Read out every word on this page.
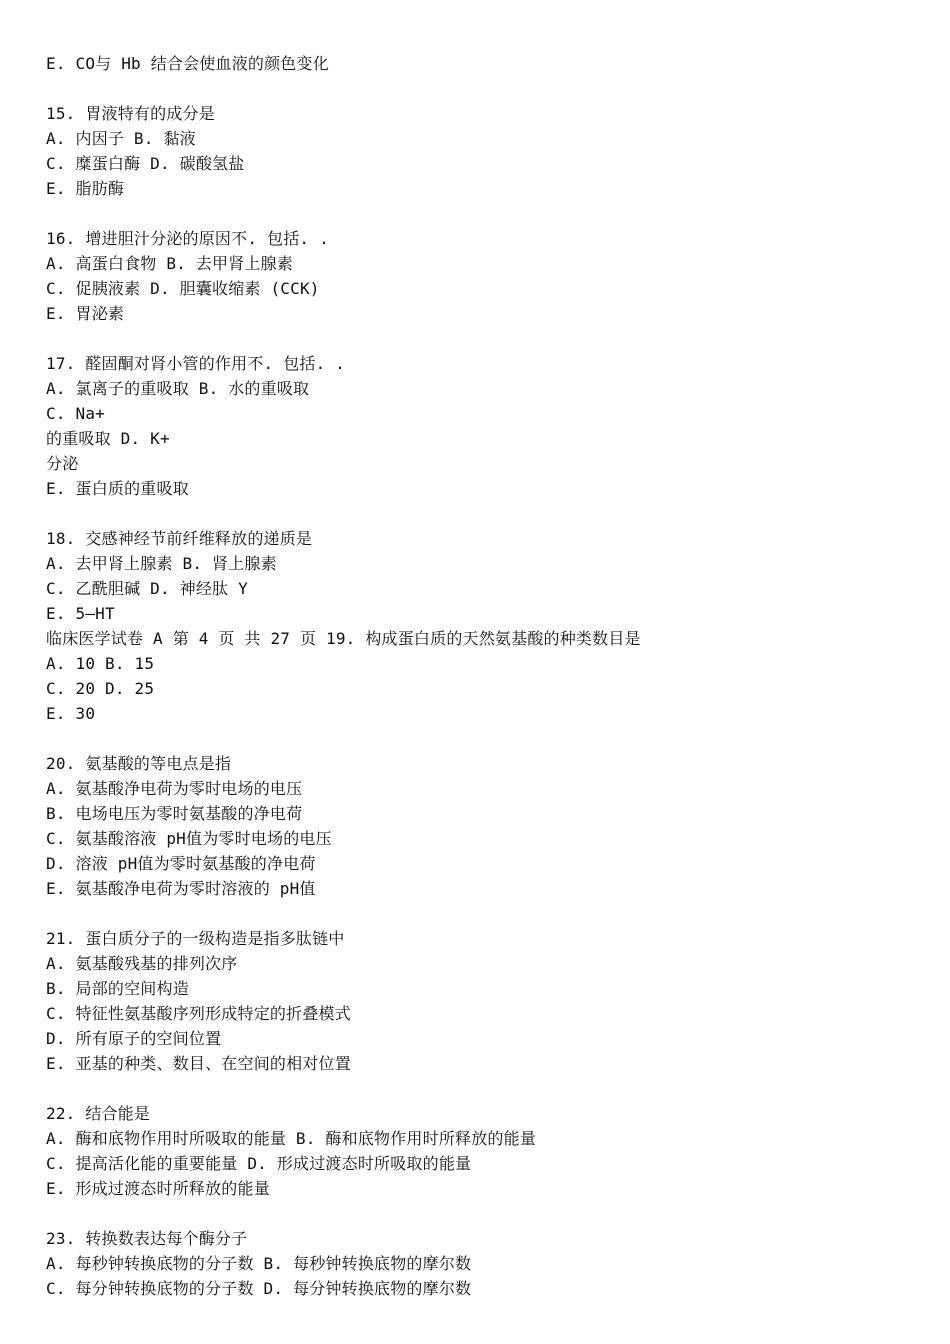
E. CO与 Hb 结合会使血液的颜色变化
15. 胃液特有的成分是
A. 内因子 B. 黏液
C. 糜蛋白酶 D. 碳酸氢盐
E. 脂肪酶
16. 增进胆汁分泌的原因不. 包括. .
A. 高蛋白食物 B. 去甲肾上腺素
C. 促胰液素 D. 胆囊收缩素 (CCK)
E. 胃泌素
17. 醛固酮对肾小管的作用不. 包括. .
A. 氯离子的重吸取 B. 水的重吸取
C. Na+
的重吸取 D. K+
分泌
E. 蛋白质的重吸取
18. 交感神经节前纤维释放的递质是
A. 去甲肾上腺素 B. 肾上腺素
C. 乙酰胆碱 D. 神经肽 Y
E. 5—HT
临床医学试卷 A 第 4 页 共 27 页 19. 构成蛋白质的天然氨基酸的种类数目是
A. 10 B. 15
C. 20 D. 25
E. 30
20. 氨基酸的等电点是指
A. 氨基酸净电荷为零时电场的电压
B. 电场电压为零时氨基酸的净电荷
C. 氨基酸溶液 pH值为零时电场的电压
D. 溶液 pH值为零时氨基酸的净电荷
E. 氨基酸净电荷为零时溶液的 pH值
21. 蛋白质分子的一级构造是指多肽链中
A. 氨基酸残基的排列次序
B. 局部的空间构造
C. 特征性氨基酸序列形成特定的折叠模式
D. 所有原子的空间位置
E. 亚基的种类、数目、在空间的相对位置
22. 结合能是
A. 酶和底物作用时所吸取的能量 B. 酶和底物作用时所释放的能量
C. 提高活化能的重要能量 D. 形成过渡态时所吸取的能量
E. 形成过渡态时所释放的能量
23. 转换数表达每个酶分子
A. 每秒钟转换底物的分子数 B. 每秒钟转换底物的摩尔数
C. 每分钟转换底物的分子数 D. 每分钟转换底物的摩尔数
